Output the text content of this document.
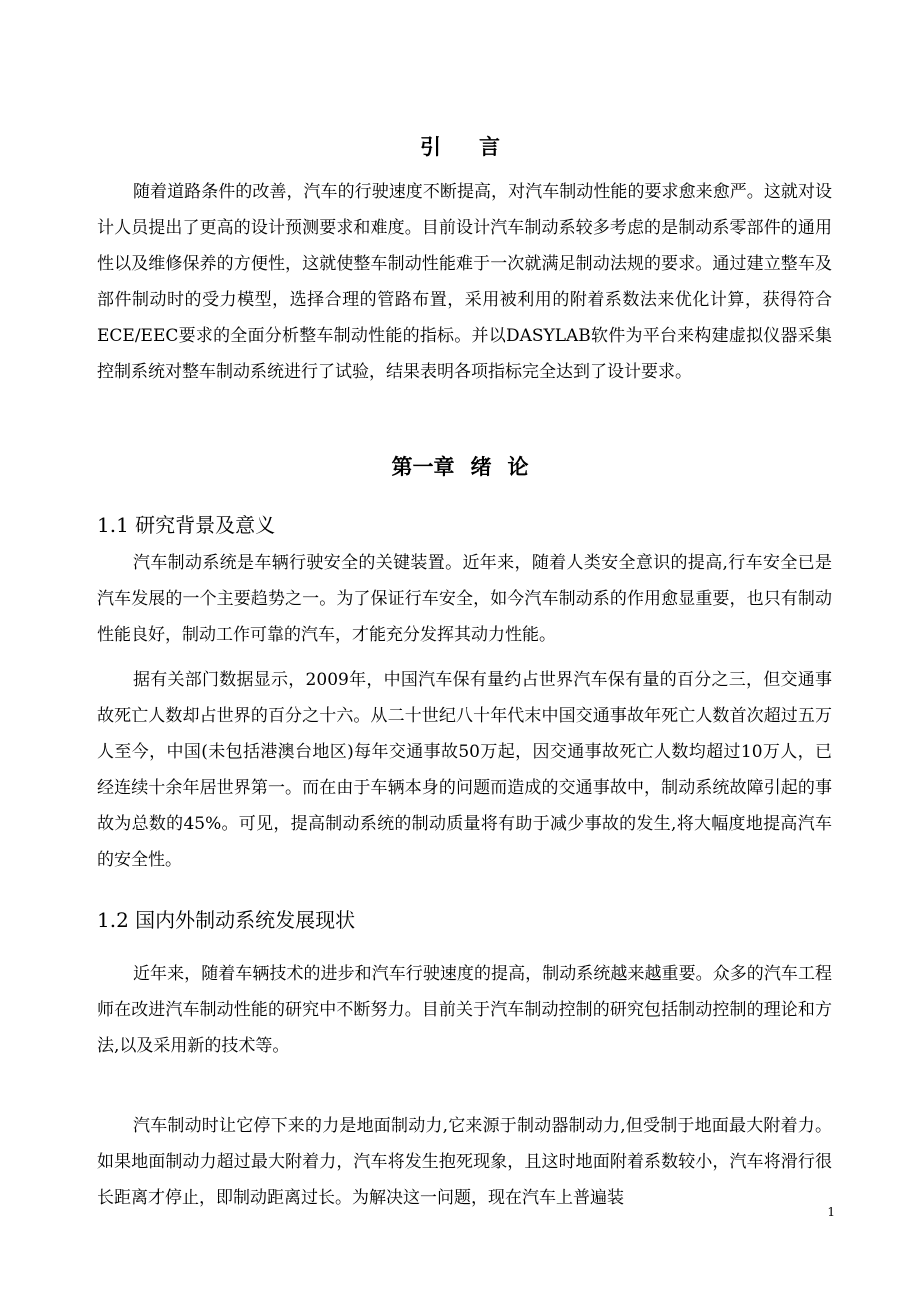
引 言

随着道路条件的改善，汽车的行驶速度不断提高，对汽车制动性能的要求愈来愈严。这就对设计人员提出了更高的设计预测要求和难度。目前设计汽车制动系较多考虑的是制动系零部件的通用性以及维修保养的方便性，这就使整车制动性能难于一次就满足制动法规的要求。通过建立整车及部件制动时的受力模型，选择合理的管路布置，采用被利用的附着系数法来优化计算，获得符合ECE/EEC要求的全面分析整车制动性能的指标。并以DASYLAB软件为平台来构建虚拟仪器采集控制系统对整车制动系统进行了试验，结果表明各项指标完全达到了设计要求。

第一章 绪 论
1.1 研究背景及意义

汽车制动系统是车辆行驶安全的关键装置。近年来，随着人类安全意识的提高,行车安全已是汽车发展的一个主要趋势之一。为了保证行车安全，如今汽车制动系的作用愈显重要，也只有制动性能良好，制动工作可靠的汽车，才能充分发挥其动力性能。

据有关部门数据显示，2009年，中国汽车保有量约占世界汽车保有量的百分之三，但交通事故死亡人数却占世界的百分之十六。从二十世纪八十年代末中国交通事故年死亡人数首次超过五万人至今，中国(未包括港澳台地区)每年交通事故50万起，因交通事故死亡人数均超过10万人，已经连续十余年居世界第一。而在由于车辆本身的问题而造成的交通事故中，制动系统故障引起的事故为总数的45%。可见，提高制动系统的制动质量将有助于减少事故的发生,将大幅度地提高汽车的安全性。

1.2 国内外制动系统发展现状

近年来，随着车辆技术的进步和汽车行驶速度的提高，制动系统越来越重要。众多的汽车工程师在改进汽车制动性能的研究中不断努力。目前关于汽车制动控制的研究包括制动控制的理论和方法,以及采用新的技术等。

汽车制动时让它停下来的力是地面制动力,它来源于制动器制动力,但受制于地面最大附着力。如果地面制动力超过最大附着力，汽车将发生抱死现象，且这时地面附着系数较小，汽车将滑行很长距离才停止，即制动距离过长。为解决这一问题，现在汽车上普遍装

1
